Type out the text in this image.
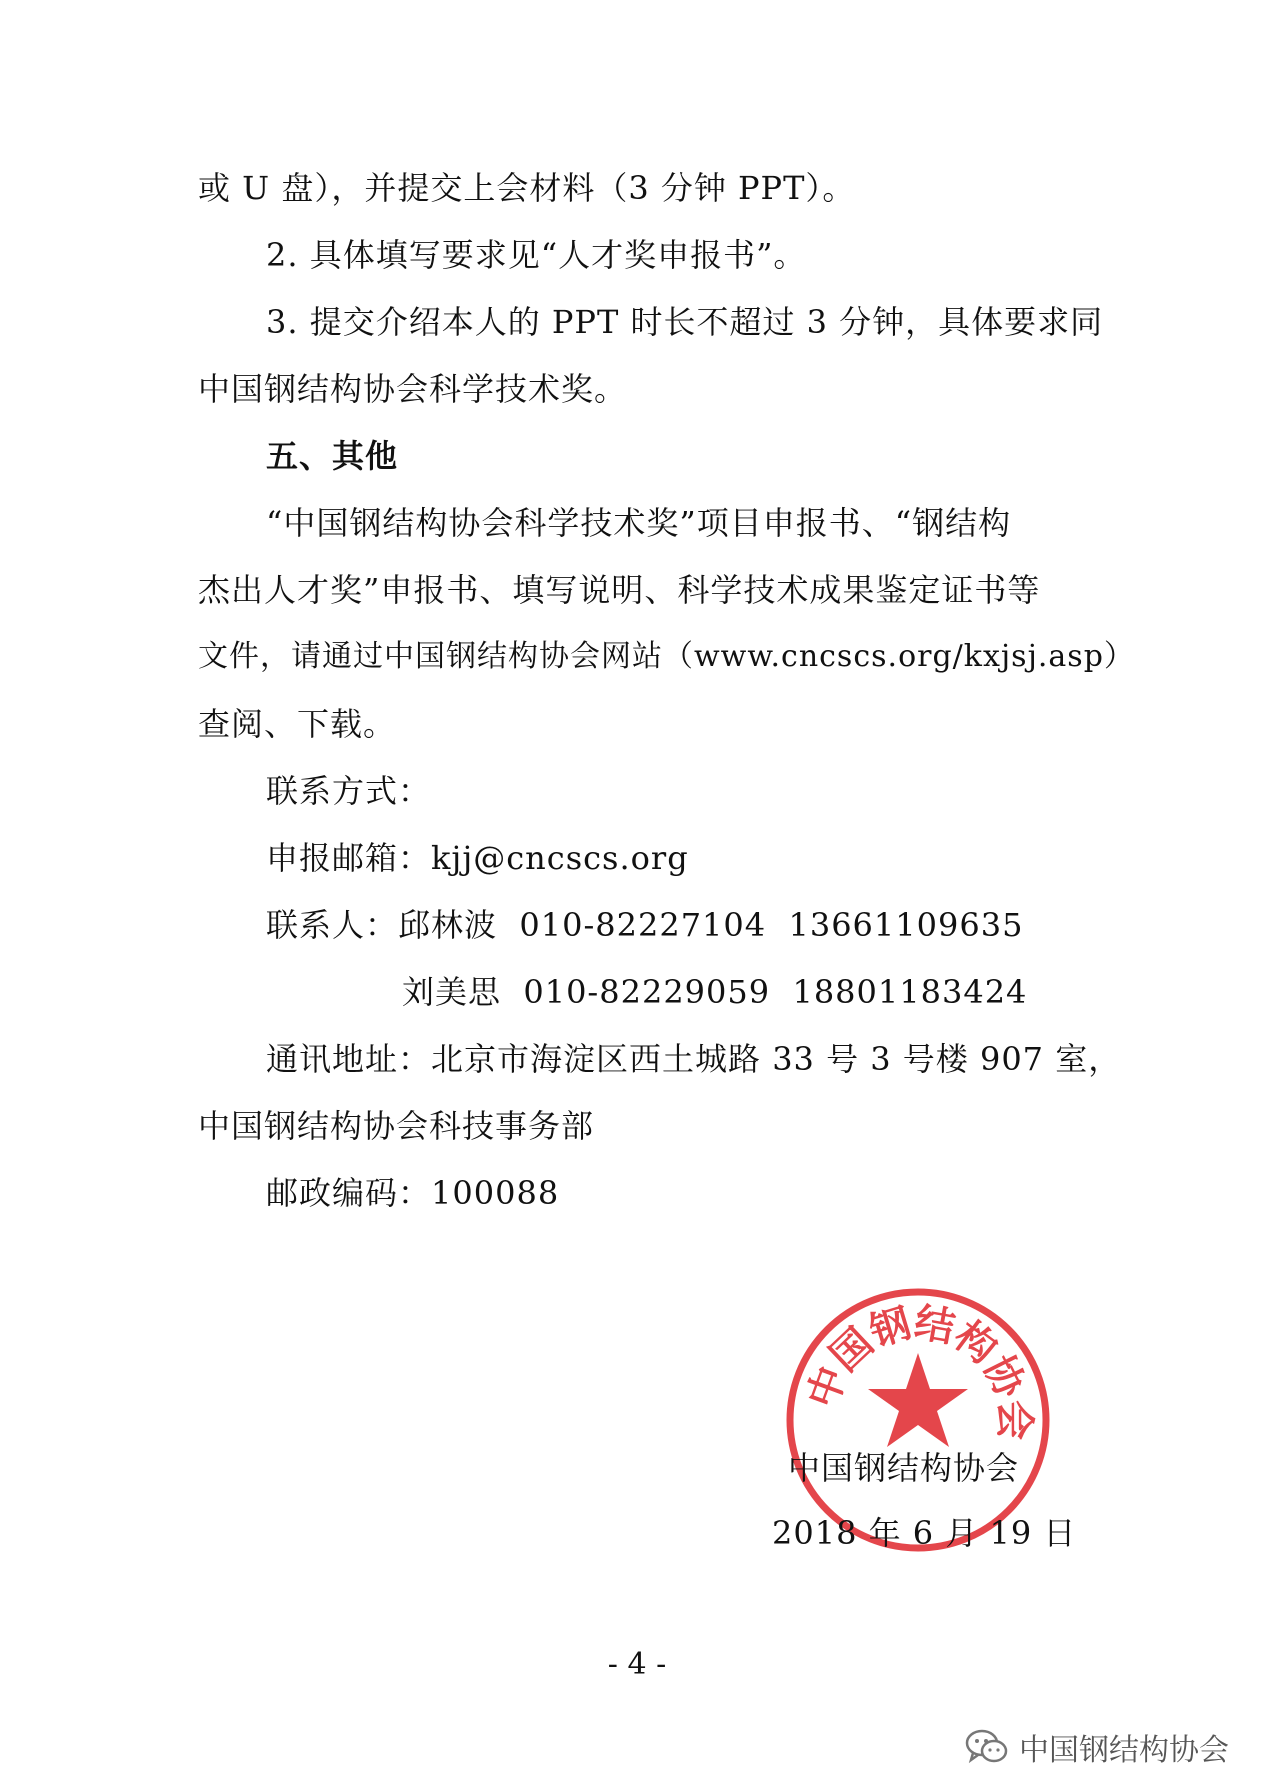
或 U 盘），并提交上会材料（3 分钟 PPT）。
2. 具体填写要求见“人才奖申报书”。
3. 提交介绍本人的 PPT 时长不超过 3 分钟，具体要求同
中国钢结构协会科学技术奖。
五、其他
“中国钢结构协会科学技术奖”项目申报书、“钢结构
杰出人才奖”申报书、填写说明、科学技术成果鉴定证书等
文件，请通过中国钢结构协会网站（www.cncscs.org/kxjsj.asp）
查阅、下载。
联系方式：
申报邮箱：kjj@cncscs.org
联系人：邱林波  010-82227104  13661109635
刘美思  010-82229059  18801183424
通讯地址：北京市海淀区西土城路 33 号 3 号楼 907 室，
中国钢结构协会科技事务部
邮政编码：100088
中
国
钢
结
构
协
会
中国钢结构协会
2018 年 6 月 19 日
- 4 -
中国钢结构协会
